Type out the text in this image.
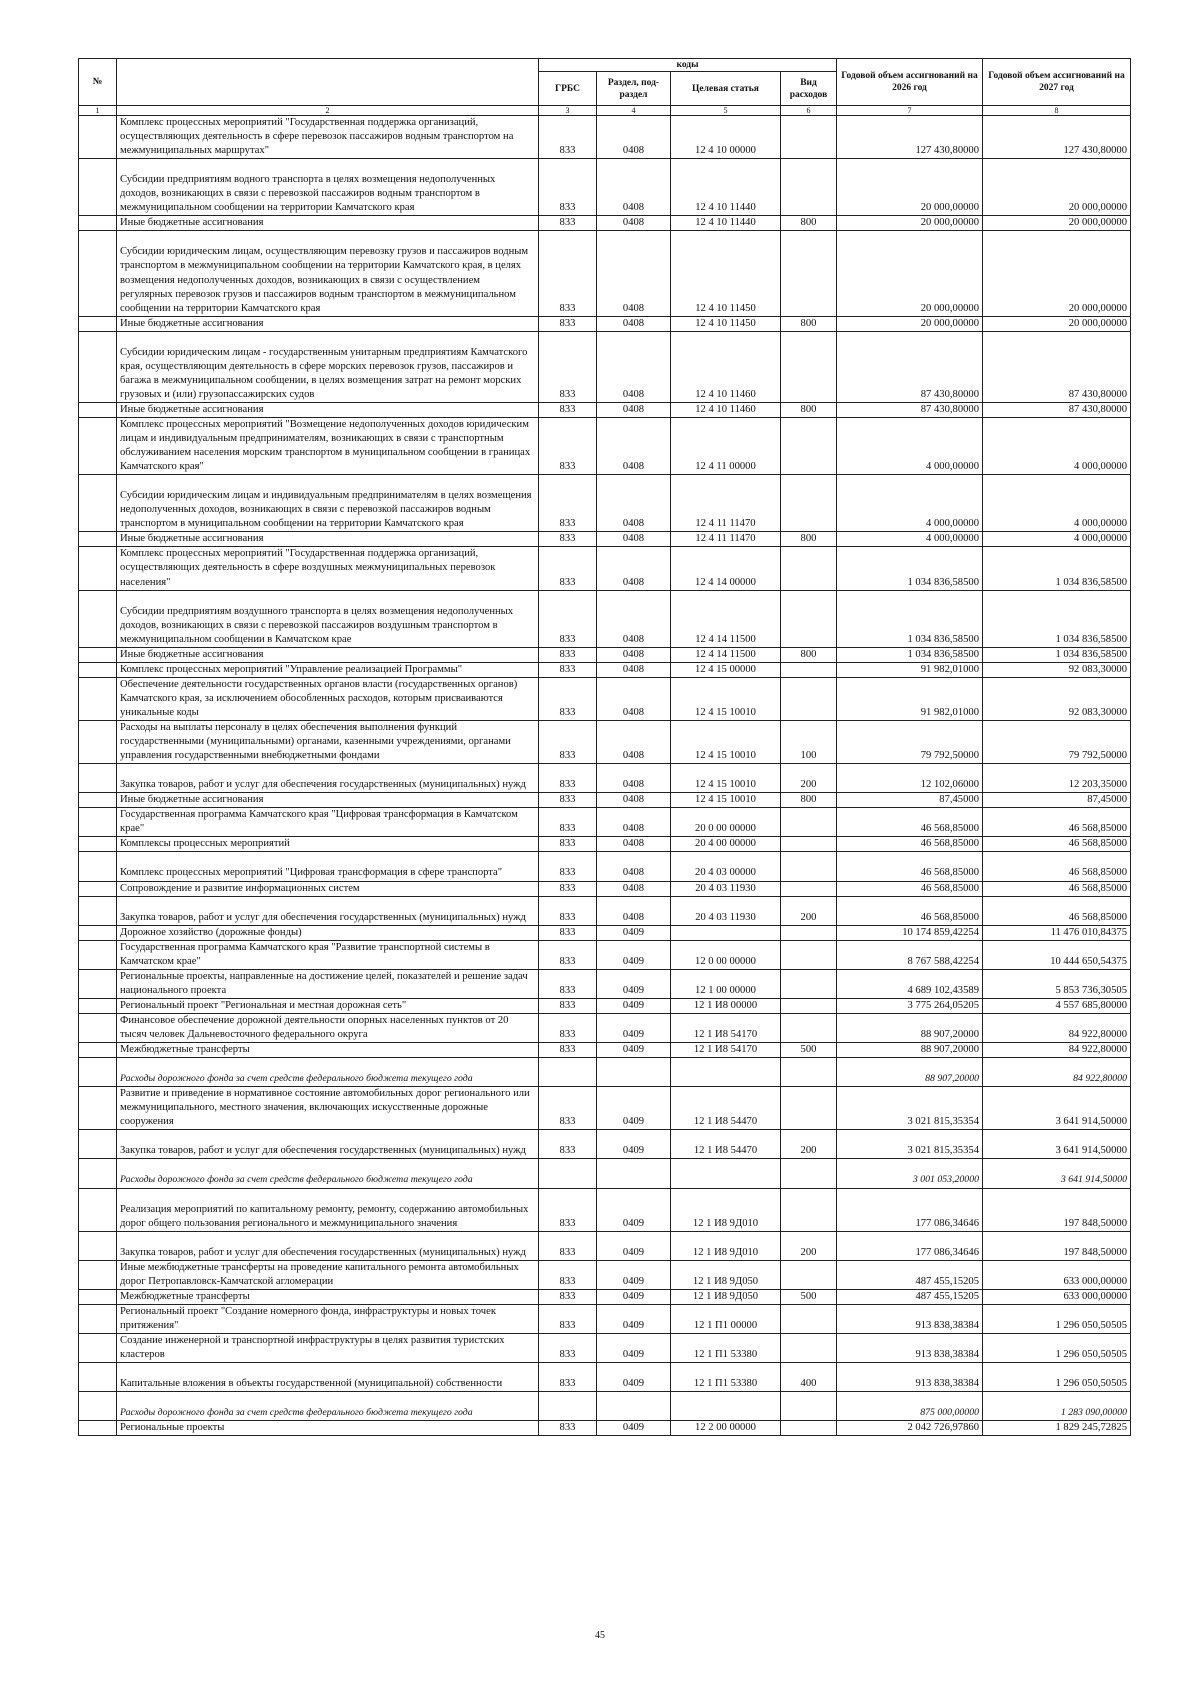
№		коды				Годовой объем ассигнований на 2026 год	Годовой объем ассигнований на 2027 год
		ГРБС	Раздел, под-раздел	Целевая статья	Вид расходов		
1	2	3	4	5	6	7	8
	Комплекс процессных мероприятий "Государственная поддержка организаций, осуществляющих деятельность в сфере перевозок пассажиров водным транспортом на межмуниципальных маршрутах"	833	0408	12 4 10 00000		127 430,80000	127 430,80000
	Субсидии предприятиям водного транспорта в целях возмещения недополученных доходов, возникающих в связи с перевозкой пассажиров водным транспортом в межмуниципальном сообщении на территории Камчатского края	833	0408	12 4 10 11440		20 000,00000	20 000,00000
	Иные бюджетные ассигнования	833	0408	12 4 10 11440	800	20 000,00000	20 000,00000
	Субсидии юридическим лицам, осуществляющим перевозку грузов и пассажиров водным транспортом в межмуниципальном сообщении на территории Камчатского края, в целях возмещения недополученных доходов, возникающих в связи с осуществлением регулярных перевозок грузов и пассажиров водным транспортом в межмуниципальном сообщении на территории Камчатского края	833	0408	12 4 10 11450		20 000,00000	20 000,00000
	Иные бюджетные ассигнования	833	0408	12 4 10 11450	800	20 000,00000	20 000,00000
	Субсидии юридическим лицам - государственным унитарным предприятиям Камчатского края, осуществляющим деятельность в сфере морских перевозок грузов, пассажиров и багажа в межмуниципальном сообщении, в целях возмещения затрат на ремонт морских грузовых и (или) грузопассажирских судов	833	0408	12 4 10 11460		87 430,80000	87 430,80000
	Иные бюджетные ассигнования	833	0408	12 4 10 11460	800	87 430,80000	87 430,80000
	Комплекс процессных мероприятий "Возмещение недополученных доходов юридическим лицам и индивидуальным предпринимателям, возникающих в связи с транспортным обслуживанием населения морским транспортом в муниципальном сообщении в границах Камчатского края"	833	0408	12 4 11 00000		4 000,00000	4 000,00000
	Субсидии юридическим лицам и индивидуальным предпринимателям в целях возмещения недополученных доходов, возникающих в связи с перевозкой пассажиров водным транспортом в муниципальном сообщении на территории Камчатского края	833	0408	12 4 11 11470		4 000,00000	4 000,00000
	Иные бюджетные ассигнования	833	0408	12 4 11 11470	800	4 000,00000	4 000,00000
	Комплекс процессных мероприятий "Государственная поддержка организаций, осуществляющих деятельность в сфере воздушных межмуниципальных перевозок населения"	833	0408	12 4 14 00000		1 034 836,58500	1 034 836,58500
	Субсидии предприятиям воздушного транспорта в целях возмещения недополученных доходов, возникающих в связи с перевозкой пассажиров воздушным транспортом в межмуниципальном сообщении в Камчатском крае	833	0408	12 4 14 11500		1 034 836,58500	1 034 836,58500
	Иные бюджетные ассигнования	833	0408	12 4 14 11500	800	1 034 836,58500	1 034 836,58500
	Комплекс процессных мероприятий "Управление реализацией Программы"	833	0408	12 4 15 00000		91 982,01000	92 083,30000
	Обеспечение деятельности государственных органов власти (государственных органов) Камчатского края, за исключением обособленных расходов, которым присваиваются уникальные коды	833	0408	12 4 15 10010		91 982,01000	92 083,30000
	Расходы на выплаты персоналу в целях обеспечения выполнения функций государственными (муниципальными) органами, казенными учреждениями, органами управления государственными внебюджетными фондами	833	0408	12 4 15 10010	100	79 792,50000	79 792,50000
	Закупка товаров, работ и услуг для обеспечения государственных (муниципальных) нужд	833	0408	12 4 15 10010	200	12 102,06000	12 203,35000
	Иные бюджетные ассигнования	833	0408	12 4 15 10010	800	87,45000	87,45000
	Государственная программа Камчатского края "Цифровая трансформация в Камчатском крае"	833	0408	20 0 00 00000		46 568,85000	46 568,85000
	Комплексы процессных мероприятий	833	0408	20 4 00 00000		46 568,85000	46 568,85000
	Комплекс процессных мероприятий "Цифровая трансформация в сфере транспорта"	833	0408	20 4 03 00000		46 568,85000	46 568,85000
	Сопровождение и развитие информационных систем	833	0408	20 4 03 11930		46 568,85000	46 568,85000
	Закупка товаров, работ и услуг для обеспечения государственных (муниципальных) нужд	833	0408	20 4 03 11930	200	46 568,85000	46 568,85000
	Дорожное хозяйство (дорожные фонды)	833	0409			10 174 859,42254	11 476 010,84375
	Государственная программа Камчатского края "Развитие транспортной системы в Камчатском крае"	833	0409	12 0 00 00000		8 767 588,42254	10 444 650,54375
	Региональные проекты, направленные на достижение целей, показателей и решение задач национального проекта	833	0409	12 1 00 00000		4 689 102,43589	5 853 736,30505
	Региональный проект "Региональная и местная дорожная сеть"	833	0409	12 1 И8 00000		3 775 264,05205	4 557 685,80000
	Финансовое обеспечение дорожной деятельности опорных населенных пунктов от 20 тысяч человек Дальневосточного федерального округа	833	0409	12 1 И8 54170		88 907,20000	84 922,80000
	Межбюджетные трансферты	833	0409	12 1 И8 54170	500	88 907,20000	84 922,80000
	Расходы дорожного фонда за счет средств федерального бюджета текущего года					88 907,20000	84 922,80000
	Развитие и приведение в нормативное состояние автомобильных дорог регионального или межмуниципального, местного значения, включающих искусственные дорожные сооружения	833	0409	12 1 И8 54470		3 021 815,35354	3 641 914,50000
	Закупка товаров, работ и услуг для обеспечения государственных (муниципальных) нужд	833	0409	12 1 И8 54470	200	3 021 815,35354	3 641 914,50000
	Расходы дорожного фонда за счет средств федерального бюджета текущего года					3 001 053,20000	3 641 914,50000
	Реализация мероприятий по капитальному ремонту, ремонту, содержанию автомобильных дорог общего пользования регионального и межмуниципального значения	833	0409	12 1 И8 9Д010		177 086,34646	197 848,50000
	Закупка товаров, работ и услуг для обеспечения государственных (муниципальных) нужд	833	0409	12 1 И8 9Д010	200	177 086,34646	197 848,50000
	Иные межбюджетные трансферты на проведение капитального ремонта автомобильных дорог Петропавловск-Камчатской агломерации	833	0409	12 1 И8 9Д050		487 455,15205	633 000,00000
	Межбюджетные трансферты	833	0409	12 1 И8 9Д050	500	487 455,15205	633 000,00000
	Региональный проект "Создание номерного фонда, инфраструктуры и новых точек притяжения"	833	0409	12 1 П1 00000		913 838,38384	1 296 050,50505
	Создание инженерной и транспортной инфраструктуры в целях развития туристских кластеров	833	0409	12 1 П1 53380		913 838,38384	1 296 050,50505
	Капитальные вложения в объекты государственной (муниципальной) собственности	833	0409	12 1 П1 53380	400	913 838,38384	1 296 050,50505
	Расходы дорожного фонда за счет средств федерального бюджета текущего года					875 000,00000	1 283 090,00000
	Региональные проекты	833	0409	12 2 00 00000		2 042 726,97860	1 829 245,72825
45
